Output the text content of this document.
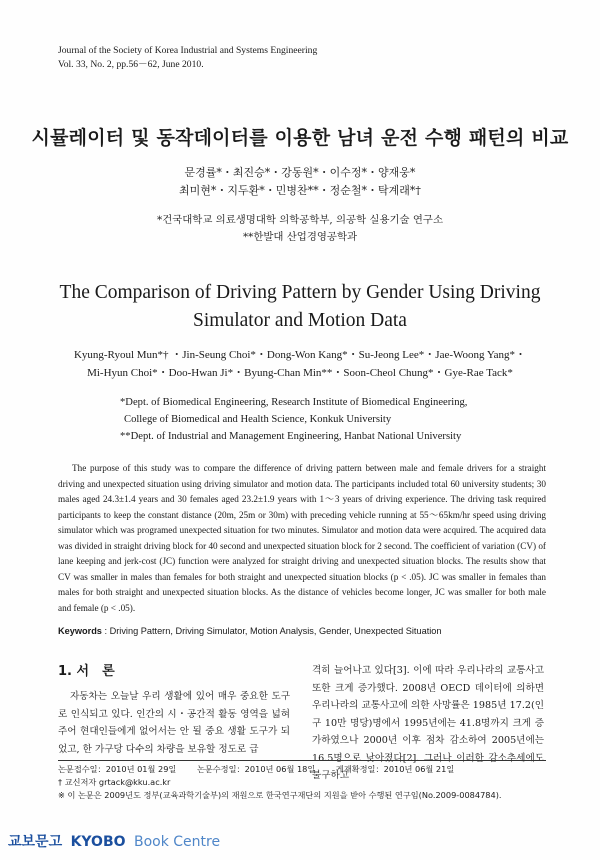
Journal of the Society of Korea Industrial and Systems Engineering
Vol. 33, No. 2, pp.56－62, June 2010.
시뮬레이터 및 동작데이터를 이용한 남녀 운전 수행 패턴의 비교
문경률*・최진승*・강동원*・이수정*・양재웅*
최미현*・지두환*・민병찬**・정순철*・탁계래*†
*건국대학교 의료생명대학 의학공학부, 의공학 실용기술 연구소
**한발대 산업경영공학과
The Comparison of Driving Pattern by Gender Using Driving
Simulator and Motion Data
Kyung-Ryoul Mun*† ・Jin-Seung Choi*・Dong-Won Kang*・Su-Jeong Lee*・Jae-Woong Yang*・
Mi-Hyun Choi*・Doo-Hwan Ji*・Byung-Chan Min**・Soon-Cheol Chung*・Gye-Rae Tack*
*Dept. of Biomedical Engineering, Research Institute of Biomedical Engineering,
College of Biomedical and Health Science, Konkuk University
**Dept. of Industrial and Management Engineering, Hanbat National University

The purpose of this study was to compare the difference of driving pattern between male and female drivers for a straight driving and unexpected situation using driving simulator and motion data. The participants included total 60 university students; 30 males aged 24.3±1.4 years and 30 females aged 23.2±1.9 years with 1～3 years of driving experience. The driving task required participants to keep the constant distance (20m, 25m or 30m) with preceding vehicle running at 55～65km/hr speed using driving simulator which was programed unexpected situation for two minutes. Simulator and motion data were acquired. The acquired data was divided in straight driving block for 40 second and unexpected situation block for 2 second. The coefficient of variation (CV) of lane keeping and jerk-cost (JC) function were analyzed for straight driving and unexpected situation blocks. The results show that CV was smaller in males than females for both straight and unexpected situation blocks (p < .05). JC was smaller in females than males for both straight and unexpected situation blocks. As the distance of vehicles become longer, JC was smaller for both male and female (p < .05).

Keywords : Driving Pattern, Driving Simulator, Motion Analysis, Gender, Unexpected Situation
1. 서　론
자동차는 오늘날 우리 생활에 있어 매우 중요한 도구로 인식되고 있다. 인간의 시・공간적 활동 영역을 넓혀 주어 현대인들에게 없어서는 안 될 중요 생활 도구가 되었고, 한 가구당 다수의 차량을 보유할 정도로 급
격히 늘어나고 있다[3]. 이에 따라 우리나라의 교통사고 또한 크게 증가했다. 2008년 OECD 데이터에 의하면 우리나라의 교통사고에 의한 사망률은 1985년 17.2(인구 10만 명당)명에서 1995년에는 41.8명까지 크게 증가하였으나 2000년 이후 점차 감소하여 2005년에는 16.5명으로 낮아졌다[2]. 그러나 이러한 감소추세에도 불구하고
논문접수일：2010년 01월 29일	논문수정일：2010년 06월 18일	게재확정일：2010년 06월 21일
† 교신저자 grtack@kku.ac.kr
※ 이 논문은 2009년도 정부(교육과학기술부)의 재원으로 한국연구재단의 지원을 받아 수행된 연구임(No.2009-0084784).
교보문고 KYOBO Book Centre
